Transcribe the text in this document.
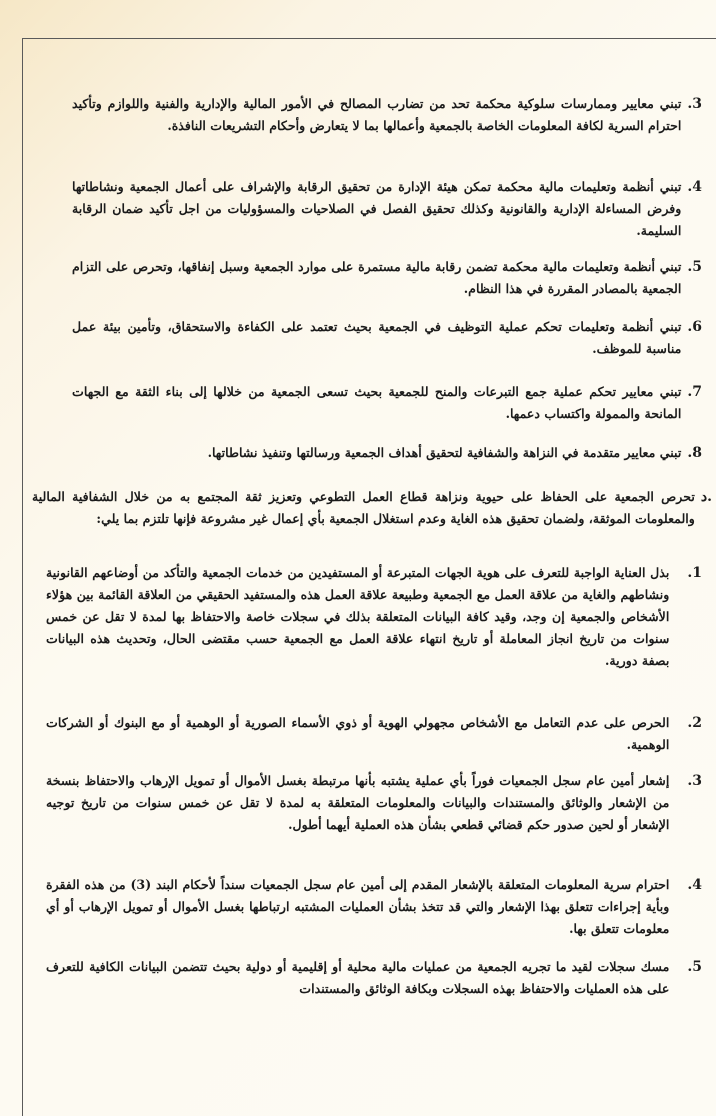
.3
تبني معايير وممارسات سلوكية محكمة تحد من تضارب المصالح في الأمور المالية والإدارية والفنية واللوازم وتأكيد احترام السرية لكافة المعلومات الخاصة بالجمعية وأعمالها بما لا يتعارض وأحكام التشريعات النافذة.
.4
تبني أنظمة وتعليمات مالية محكمة تمكن هيئة الإدارة من تحقيق الرقابة والإشراف على أعمال الجمعية ونشاطاتها وفرض المساءلة الإدارية والقانونية وكذلك تحقيق الفصل في الصلاحيات والمسؤوليات من اجل تأكيد ضمان الرقابة السليمة.
.5
تبني أنظمة وتعليمات مالية محكمة تضمن رقابة مالية مستمرة على موارد الجمعية وسبل إنفاقها، وتحرص على التزام الجمعية بالمصادر المقررة في هذا النظام.
.6
تبني أنظمة وتعليمات تحكم عملية التوظيف في الجمعية بحيث تعتمد على الكفاءة والاستحقاق، وتأمين بيئة عمل مناسبة للموظف.
.7
تبني معايير تحكم عملية جمع التبرعات والمنح للجمعية بحيث تسعى الجمعية من خلالها إلى بناء الثقة مع الجهات المانحة والممولة واكتساب دعمها.
.8
تبني معايير متقدمة في النزاهة والشفافية لتحقيق أهداف الجمعية ورسالتها وتنفيذ نشاطاتها.
د.
تحرص الجمعية على الحفاظ على حيوية ونزاهة قطاع العمل التطوعي وتعزيز ثقة المجتمع به من خلال الشفافية المالية والمعلومات الموثقة، ولضمان تحقيق هذه الغاية وعدم استغلال الجمعية بأي إعمال غير مشروعة فإنها تلتزم بما يلي:
.1
بذل العناية الواجبة للتعرف على هوية الجهات المتبرعة أو المستفيدين من خدمات الجمعية والتأكد من أوضاعهم القانونية ونشاطهم والغاية من علاقة العمل مع الجمعية وطبيعة علاقة العمل هذه والمستفيد الحقيقي من العلاقة القائمة بين هؤلاء الأشخاص والجمعية إن وجد، وقيد كافة البيانات المتعلقة بذلك في سجلات خاصة والاحتفاظ بها لمدة لا تقل عن خمس سنوات من تاريخ انجاز المعاملة أو تاريخ انتهاء علاقة العمل مع الجمعية حسب مقتضى الحال، وتحديث هذه البيانات بصفة دورية.
.2
الحرص على عدم التعامل مع الأشخاص مجهولي الهوية أو ذوي الأسماء الصورية أو الوهمية أو مع البنوك أو الشركات الوهمية.
.3
إشعار أمين عام سجل الجمعيات فوراً بأي عملية يشتبه بأنها مرتبطة بغسل الأموال أو تمويل الإرهاب والاحتفاظ بنسخة من الإشعار والوثائق والمستندات والبيانات والمعلومات المتعلقة به لمدة لا تقل عن خمس سنوات من تاريخ توجيه الإشعار أو لحين صدور حكم قضائي قطعي بشأن هذه العملية أيهما أطول.
.4
احترام سرية المعلومات المتعلقة بالإشعار المقدم إلى أمين عام سجل الجمعيات سنداً لأحكام البند (3) من هذه الفقرة وبأية إجراءات تتعلق بهذا الإشعار والتي قد تتخذ بشأن العمليات المشتبه ارتباطها بغسل الأموال أو تمويل الإرهاب أو أي معلومات تتعلق بها.
.5
مسك سجلات لقيد ما تجريه الجمعية من عمليات مالية محلية أو إقليمية أو دولية بحيث تتضمن البيانات الكافية للتعرف على هذه العمليات والاحتفاظ بهذه السجلات وبكافة الوثائق والمستندات
